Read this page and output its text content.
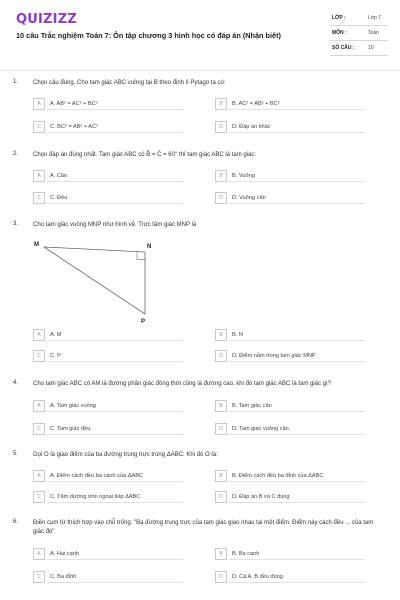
QUIZIZZ
10 câu Trắc nghiệm Toán 7: Ôn tập chương 3 hình học có đáp án (Nhận biết)
LỚP :	Lớp 7
MÔN :	Toán
SỐ CÂU :	10
1. Chọn câu đúng. Cho tam giác ABC vuông tại B theo định lí Pytago ta có:
A	A. AB² = AC² + BC²	B	B. AC² = AB² + BC²
C	C. BC² = AB² + AC²	D	D. Đáp án khác
2. Chọn đáp án đúng nhất. Tam giác ABC có B̂ = Ĉ = 60° thì tam giác ABC là tam giác:
A	A. Cân	B	B. Vuông
C	C. Đều	D	D. Vuông cân
3. Cho tam giác vuông MNP như hình vẽ. Trực tâm giác MNP là
M	N
P
A	A. M	B	B. N
C	C. P	D	D. Điểm nằm trong tam giác MNP
4. Cho tam giác ABC có AM là đường phân giác đồng thời cũng là đường cao, khi đó tam giác ABC là tam giác gì?
A	A. Tam giác vuông	B	B. Tam giác cân
C	C. Tam giác đều	D	D. Tam giác vuông cân
5. Gọi O là giao điểm của ba đường trung trực trong ΔABC. Khi đó O là:
A	A. Điểm cách đều ba cạnh của ΔABC	B	B. Điểm cách đều ba đỉnh của ΔABC
C	C. Tâm đường tròn ngoại tiếp ΔABC	D	D. Đáp án B và C đúng
6. Điền cụm từ thích hợp vào chỗ trống: "Ba đường trung trực của tam giác giao nhau tại một điểm. Điểm này cách đều ... của tam giác đó"
A	A. Hai cạnh	B	B. Ba cạnh
C	C. Ba đỉnh	D	D. Cả A, B đều đúng
